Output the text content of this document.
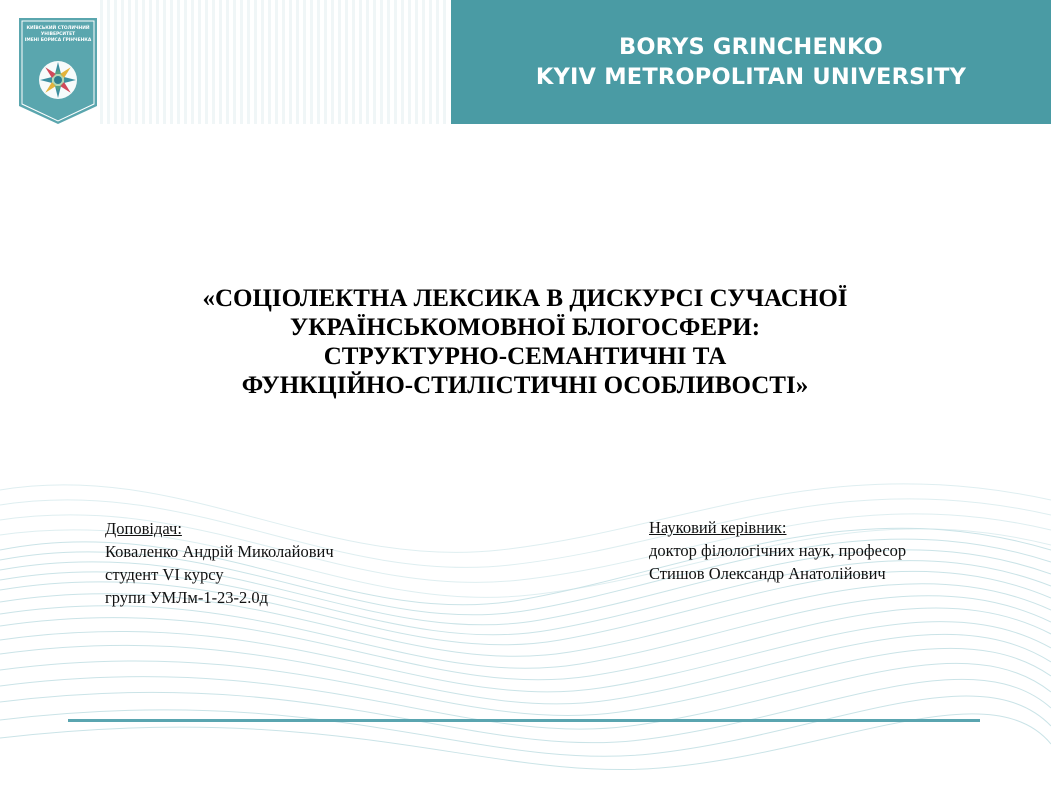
КИЇВСЬКИЙ СТОЛИЧНИЙ УНІВЕРСИТЕТ
ІМЕНІ БОРИСА ГРІНЧЕНКА	BORYS GRINCHENKO
KYIV METROPOLITAN UNIVERSITY
«СОЦІОЛЕКТНА ЛЕКСИКА В ДИСКУРСІ СУЧАСНОЇ
УКРАЇНСЬКОМОВНОЇ БЛОГОСФЕРИ:
СТРУКТУРНО-СЕМАНТИЧНІ ТА
ФУНКЦІЙНО-СТИЛІСТИЧНІ ОСОБЛИВОСТІ»
Доповідач:
Коваленко Андрій Миколайович
студент VI курсу
групи УМЛм-1-23-2.0д
Науковий керівник:
доктор філологічних наук, професор
Стишов Олександр Анатолійович
